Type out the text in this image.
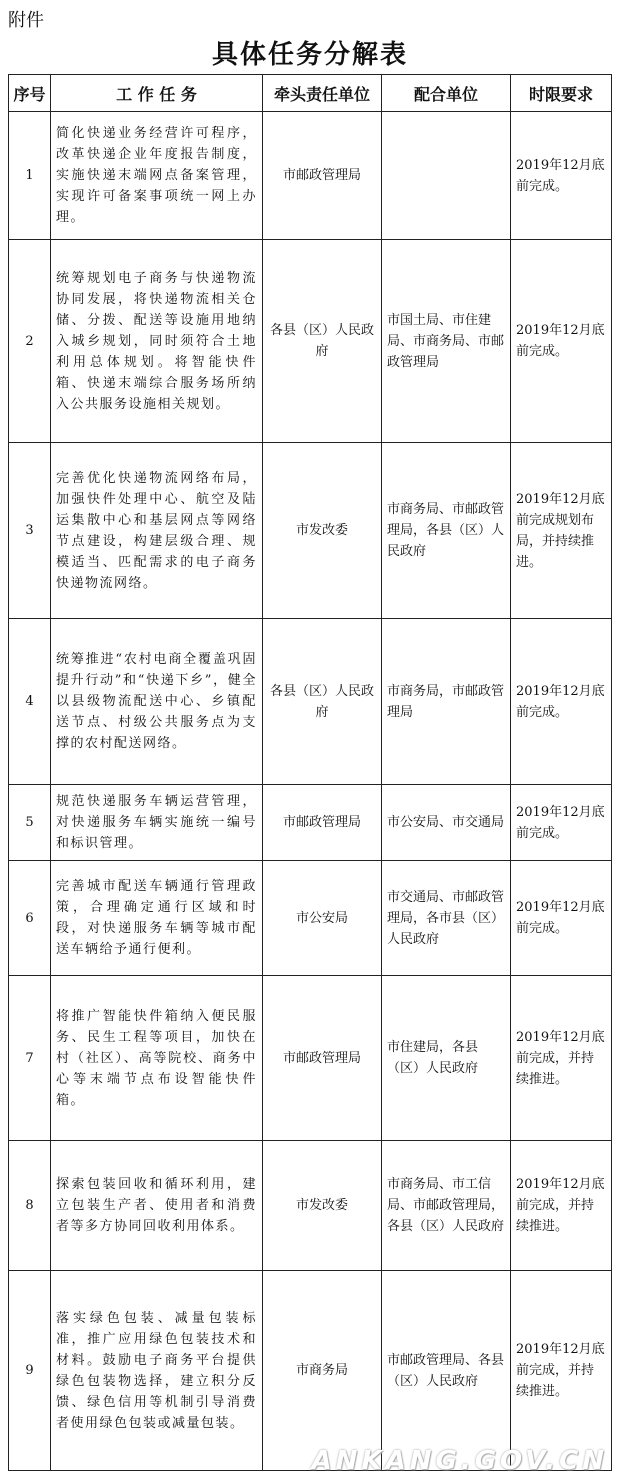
附件
具体任务分解表
序号	工 作 任 务	牵头责任单位	配合单位	时限要求
1	简化快递业务经营许可程序，改革快递企业年度报告制度，实施快递末端网点备案管理，实现许可备案事项统一网上办理。	市邮政管理局		2019年12月底前完成。
2	统筹规划电子商务与快递物流协同发展，将快递物流相关仓储、分拨、配送等设施用地纳入城乡规划，同时须符合土地利用总体规划。将智能快件箱、快递末端综合服务场所纳入公共服务设施相关规划。	各县（区）人民政府	市国土局、市住建局、市商务局、市邮政管理局	2019年12月底前完成。
3	完善优化快递物流网络布局，加强快件处理中心、航空及陆运集散中心和基层网点等网络节点建设，构建层级合理、规模适当、匹配需求的电子商务快递物流网络。	市发改委	市商务局、市邮政管理局，各县（区）人民政府	2019年12月底前完成规划布局，并持续推进。
4	统筹推进“农村电商全覆盖巩固提升行动”和“快递下乡”，健全以县级物流配送中心、乡镇配送节点、村级公共服务点为支撑的农村配送网络。	各县（区）人民政府	市商务局，市邮政管理局	2019年12月底前完成。
5	规范快递服务车辆运营管理，对快递服务车辆实施统一编号和标识管理。	市邮政管理局	市公安局、市交通局	2019年12月底前完成。
6	完善城市配送车辆通行管理政策，合理确定通行区域和时段，对快递服务车辆等城市配送车辆给予通行便利。	市公安局	市交通局、市邮政管理局，各市县（区）人民政府	2019年12月底前完成。
7	将推广智能快件箱纳入便民服务、民生工程等项目，加快在村（社区）、高等院校、商务中心等末端节点布设智能快件箱。	市邮政管理局	市住建局，各县（区）人民政府	2019年12月底前完成，并持续推进。
8	探索包装回收和循环利用，建立包装生产者、使用者和消费者等多方协同回收利用体系。	市发改委	市商务局、市工信局、市邮政管理局，各县（区）人民政府	2019年12月底前完成，并持续推进。
9	落实绿色包装、减量包装标准，推广应用绿色包装技术和材料。鼓励电子商务平台提供绿色包装物选择，建立积分反馈、绿色信用等机制引导消费者使用绿色包装或减量包装。	市商务局	市邮政管理局、各县（区）人民政府	2019年12月底前完成，并持续推进。
ANKANG.GOV.CN
